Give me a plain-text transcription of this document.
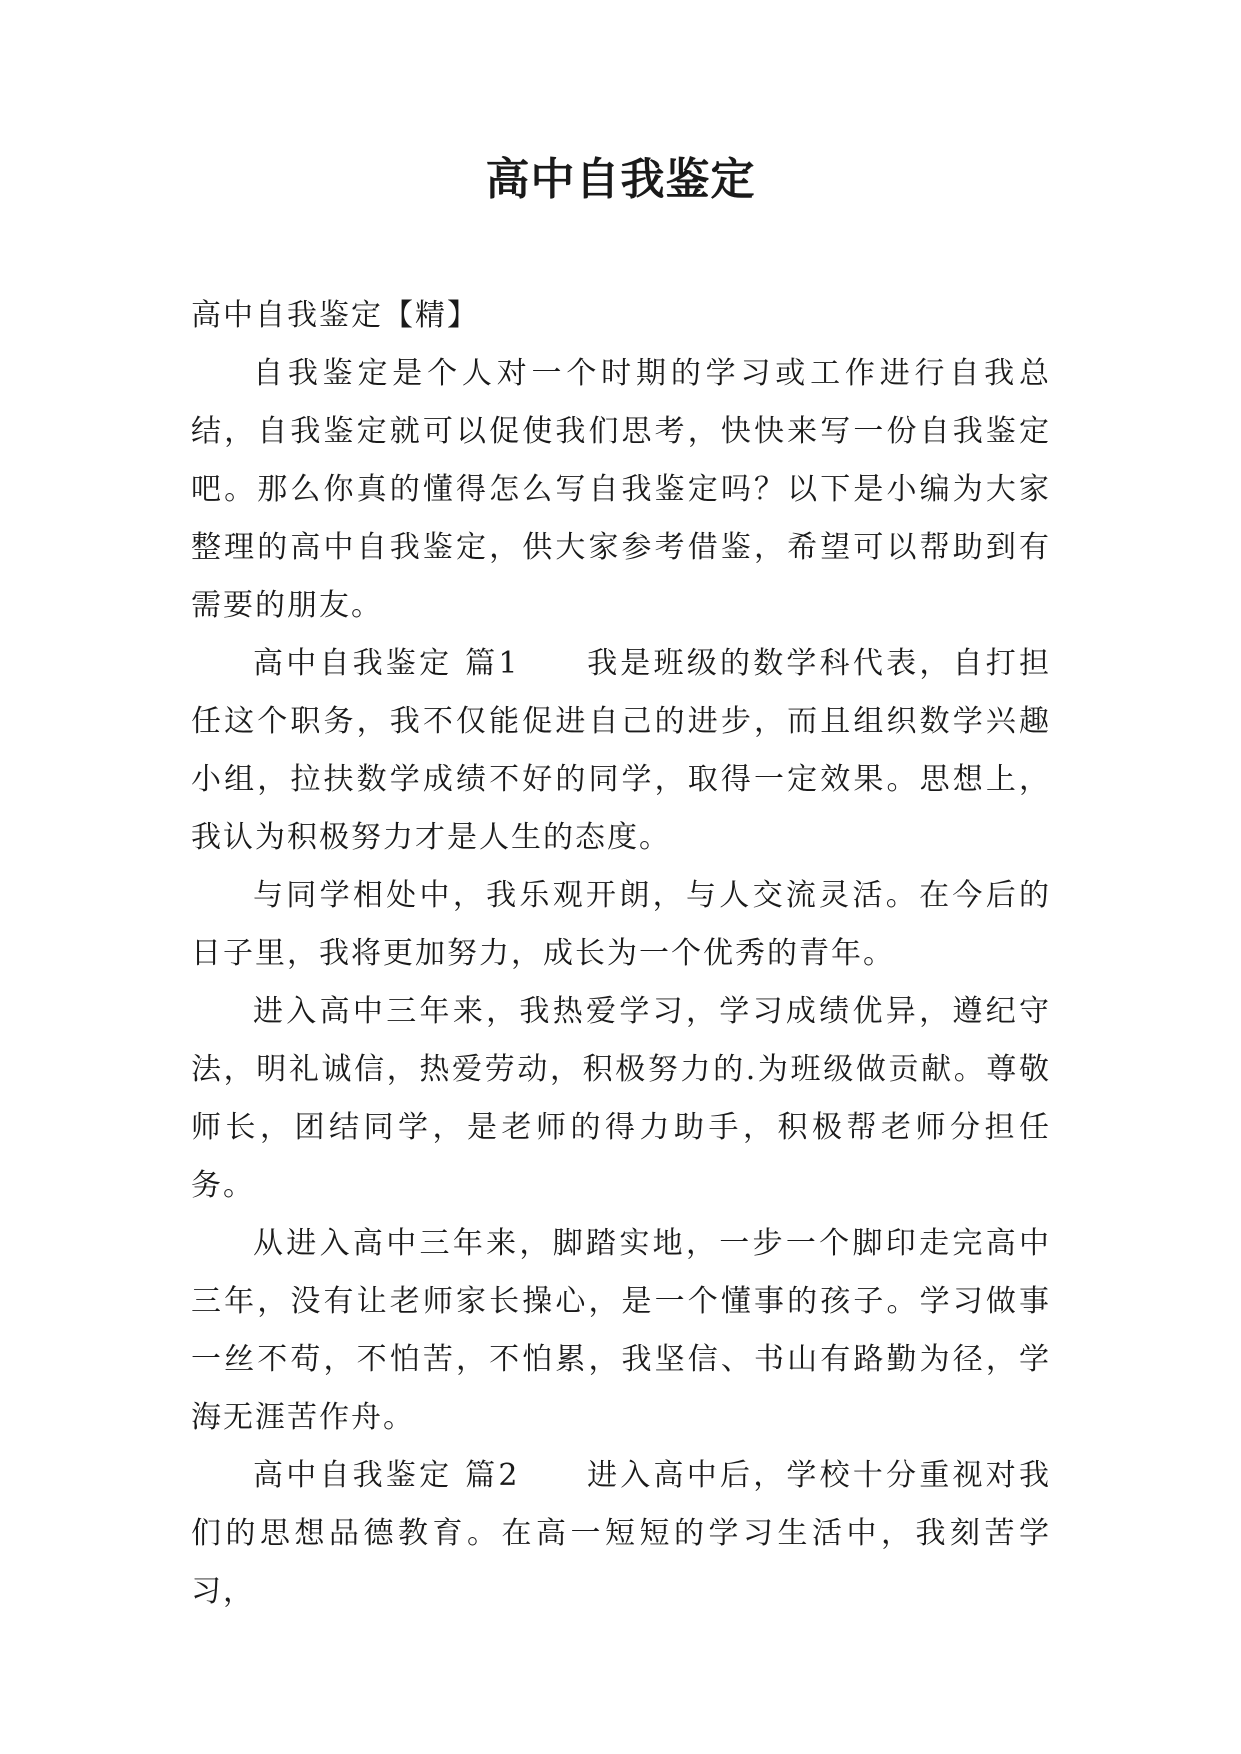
高中自我鉴定

高中自我鉴定【精】

自我鉴定是个人对一个时期的学习或工作进行自我总结，自我鉴定就可以促使我们思考，快快来写一份自我鉴定吧。那么你真的懂得怎么写自我鉴定吗？以下是小编为大家整理的高中自我鉴定，供大家参考借鉴，希望可以帮助到有需要的朋友。

高中自我鉴定 篇1　　我是班级的数学科代表，自打担任这个职务，我不仅能促进自己的进步，而且组织数学兴趣小组，拉扶数学成绩不好的同学，取得一定效果。思想上，我认为积极努力才是人生的态度。

与同学相处中，我乐观开朗，与人交流灵活。在今后的日子里，我将更加努力，成长为一个优秀的青年。

进入高中三年来，我热爱学习，学习成绩优异，遵纪守法，明礼诚信，热爱劳动，积极努力的.为班级做贡献。尊敬师长，团结同学，是老师的得力助手，积极帮老师分担任务。

从进入高中三年来，脚踏实地，一步一个脚印走完高中三年，没有让老师家长操心，是一个懂事的孩子。学习做事一丝不苟，不怕苦，不怕累，我坚信、书山有路勤为径，学海无涯苦作舟。

高中自我鉴定 篇2　　进入高中后，学校十分重视对我们的思想品德教育。在高一短短的学习生活中，我刻苦学习，
